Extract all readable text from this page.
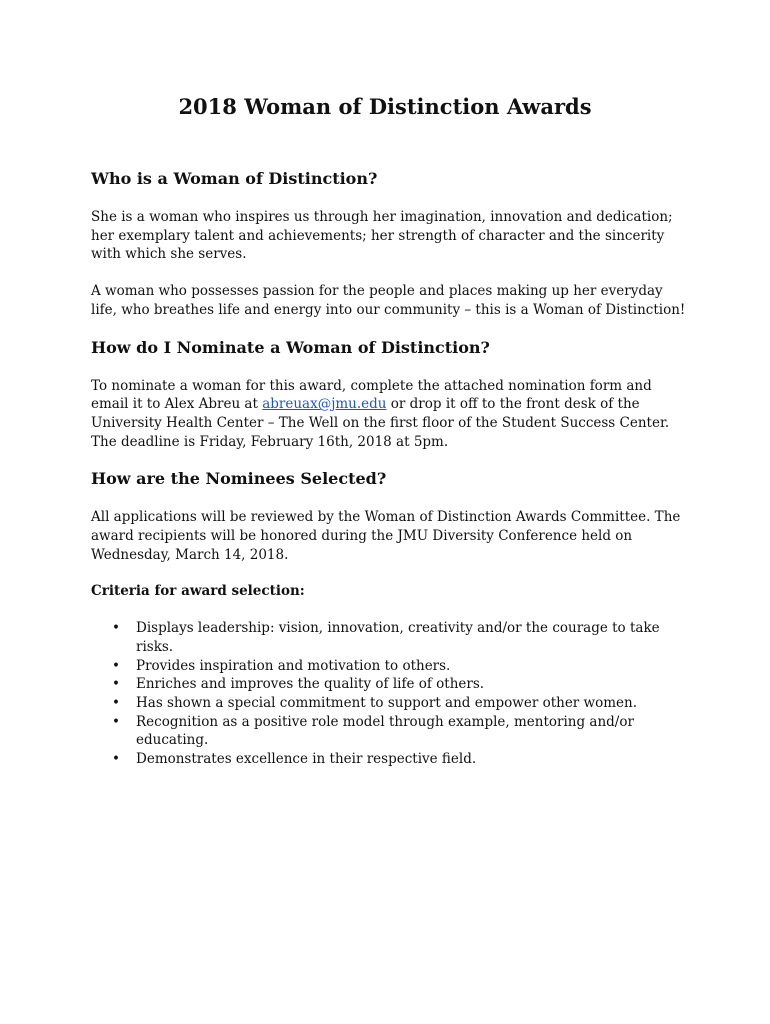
2018 Woman of Distinction Awards
Who is a Woman of Distinction?

She is a woman who inspires us through her imagination, innovation and dedication; her exemplary talent and achievements; her strength of character and the sincerity with which she serves.

A woman who possesses passion for the people and places making up her everyday life, who breathes life and energy into our community – this is a Woman of Distinction!

How do I Nominate a Woman of Distinction?

To nominate a woman for this award, complete the attached nomination form and email it to Alex Abreu at abreuax@jmu.edu or drop it off to the front desk of the University Health Center – The Well on the first floor of the Student Success Center. The deadline is Friday, February 16th, 2018 at 5pm.

How are the Nominees Selected?

All applications will be reviewed by the Woman of Distinction Awards Committee. The award recipients will be honored during the JMU Diversity Conference held on Wednesday, March 14, 2018.

Criteria for award selection:

• Displays leadership: vision, innovation, creativity and/or the courage to take risks.
• Provides inspiration and motivation to others.
• Enriches and improves the quality of life of others.
• Has shown a special commitment to support and empower other women.
• Recognition as a positive role model through example, mentoring and/or educating.
• Demonstrates excellence in their respective field.
